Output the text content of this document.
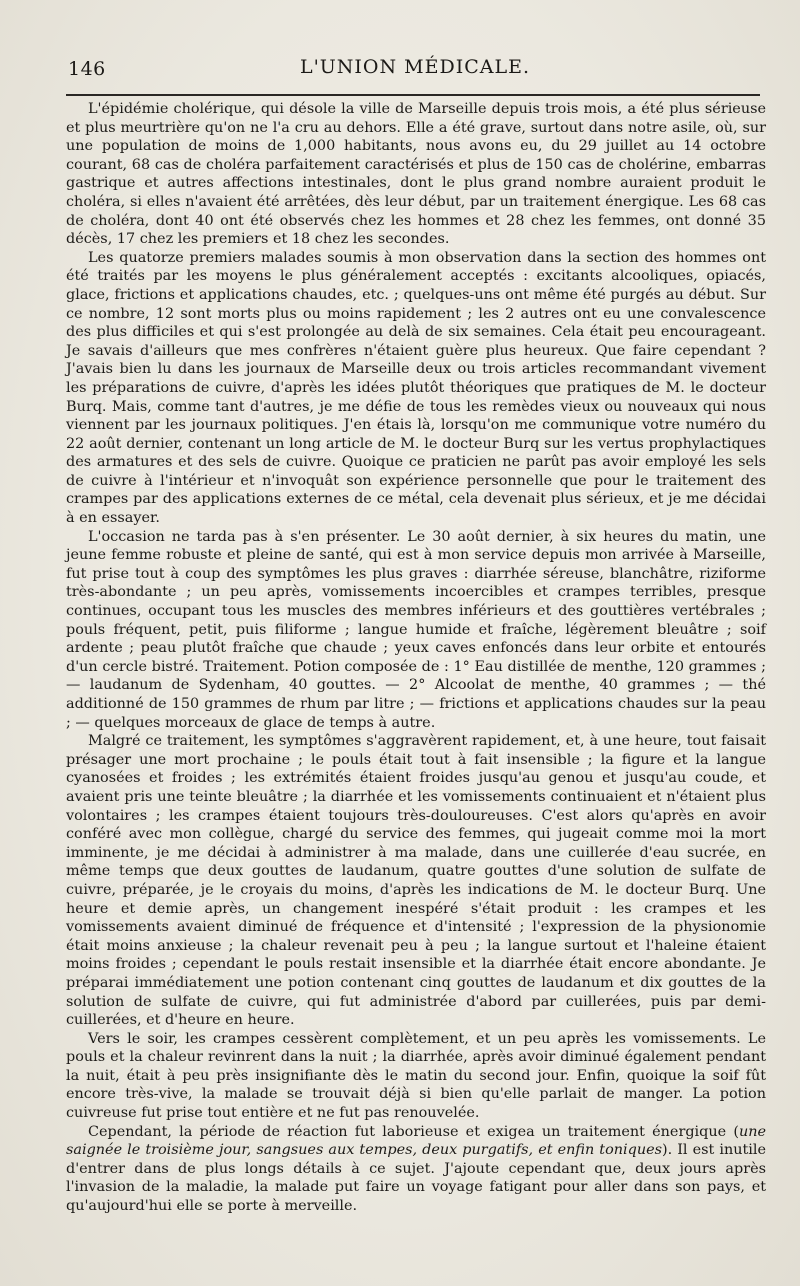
146	L'UNION MÉDICALE.

L'épidémie cholérique, qui désole la ville de Marseille depuis trois mois, a été plus sérieuse et plus meurtrière qu'on ne l'a cru au dehors. Elle a été grave, surtout dans notre asile, où, sur une population de moins de 1,000 habitants, nous avons eu, du 29 juillet au 14 octobre courant, 68 cas de choléra parfaitement caractérisés et plus de 150 cas de cholérine, embarras gastrique et autres affections intestinales, dont le plus grand nombre auraient produit le choléra, si elles n'avaient été arrêtées, dès leur début, par un traitement énergique. Les 68 cas de choléra, dont 40 ont été observés chez les hommes et 28 chez les femmes, ont donné 35 décès, 17 chez les premiers et 18 chez les secondes.

Les quatorze premiers malades soumis à mon observation dans la section des hommes ont été traités par les moyens le plus généralement acceptés : excitants alcooliques, opiacés, glace, frictions et applications chaudes, etc. ; quelques-uns ont même été purgés au début. Sur ce nombre, 12 sont morts plus ou moins rapidement ; les 2 autres ont eu une convalescence des plus difficiles et qui s'est prolongée au delà de six semaines. Cela était peu encourageant. Je savais d'ailleurs que mes confrères n'étaient guère plus heureux. Que faire cependant ? J'avais bien lu dans les journaux de Marseille deux ou trois articles recommandant vivement les préparations de cuivre, d'après les idées plutôt théoriques que pratiques de M. le docteur Burq. Mais, comme tant d'autres, je me défie de tous les remèdes vieux ou nouveaux qui nous viennent par les journaux politiques. J'en étais là, lorsqu'on me communique votre numéro du 22 août dernier, contenant un long article de M. le docteur Burq sur les vertus prophylactiques des armatures et des sels de cuivre. Quoique ce praticien ne parût pas avoir employé les sels de cuivre à l'intérieur et n'invoquât son expérience personnelle que pour le traitement des crampes par des applications externes de ce métal, cela devenait plus sérieux, et je me décidai à en essayer.

L'occasion ne tarda pas à s'en présenter. Le 30 août dernier, à six heures du matin, une jeune femme robuste et pleine de santé, qui est à mon service depuis mon arrivée à Marseille, fut prise tout à coup des symptômes les plus graves : diarrhée séreuse, blanchâtre, riziforme très-abondante ; un peu après, vomissements incoercibles et crampes terribles, presque continues, occupant tous les muscles des membres inférieurs et des gouttières vertébrales ; pouls fréquent, petit, puis filiforme ; langue humide et fraîche, légèrement bleuâtre ; soif ardente ; peau plutôt fraîche que chaude ; yeux caves enfoncés dans leur orbite et entourés d'un cercle bistré. Traitement. Potion composée de : 1° Eau distillée de menthe, 120 grammes ; — laudanum de Sydenham, 40 gouttes. — 2° Alcoolat de menthe, 40 grammes ; — thé additionné de 150 grammes de rhum par litre ; — frictions et applications chaudes sur la peau ; — quelques morceaux de glace de temps à autre.

Malgré ce traitement, les symptômes s'aggravèrent rapidement, et, à une heure, tout faisait présager une mort prochaine ; le pouls était tout à fait insensible ; la figure et la langue cyanosées et froides ; les extrémités étaient froides jusqu'au genou et jusqu'au coude, et avaient pris une teinte bleuâtre ; la diarrhée et les vomissements continuaient et n'étaient plus volontaires ; les crampes étaient toujours très-douloureuses. C'est alors qu'après en avoir conféré avec mon collègue, chargé du service des femmes, qui jugeait comme moi la mort imminente, je me décidai à administrer à ma malade, dans une cuillerée d'eau sucrée, en même temps que deux gouttes de laudanum, quatre gouttes d'une solution de sulfate de cuivre, préparée, je le croyais du moins, d'après les indications de M. le docteur Burq. Une heure et demie après, un changement inespéré s'était produit : les crampes et les vomissements avaient diminué de fréquence et d'intensité ; l'expression de la physionomie était moins anxieuse ; la chaleur revenait peu à peu ; la langue surtout et l'haleine étaient moins froides ; cependant le pouls restait insensible et la diarrhée était encore abondante. Je préparai immédiatement une potion contenant cinq gouttes de laudanum et dix gouttes de la solution de sulfate de cuivre, qui fut administrée d'abord par cuillerées, puis par demi-cuillerées, et d'heure en heure.

Vers le soir, les crampes cessèrent complètement, et un peu après les vomissements. Le pouls et la chaleur revinrent dans la nuit ; la diarrhée, après avoir diminué également pendant la nuit, était à peu près insignifiante dès le matin du second jour. Enfin, quoique la soif fût encore très-vive, la malade se trouvait déjà si bien qu'elle parlait de manger. La potion cuivreuse fut prise tout entière et ne fut pas renouvelée.

Cependant, la période de réaction fut laborieuse et exigea un traitement énergique (une saignée le troisième jour, sangsues aux tempes, deux purgatifs, et enfin toniques). Il est inutile d'entrer dans de plus longs détails à ce sujet. J'ajoute cependant que, deux jours après l'invasion de la maladie, la malade put faire un voyage fatigant pour aller dans son pays, et qu'aujourd'hui elle se porte à merveille.
